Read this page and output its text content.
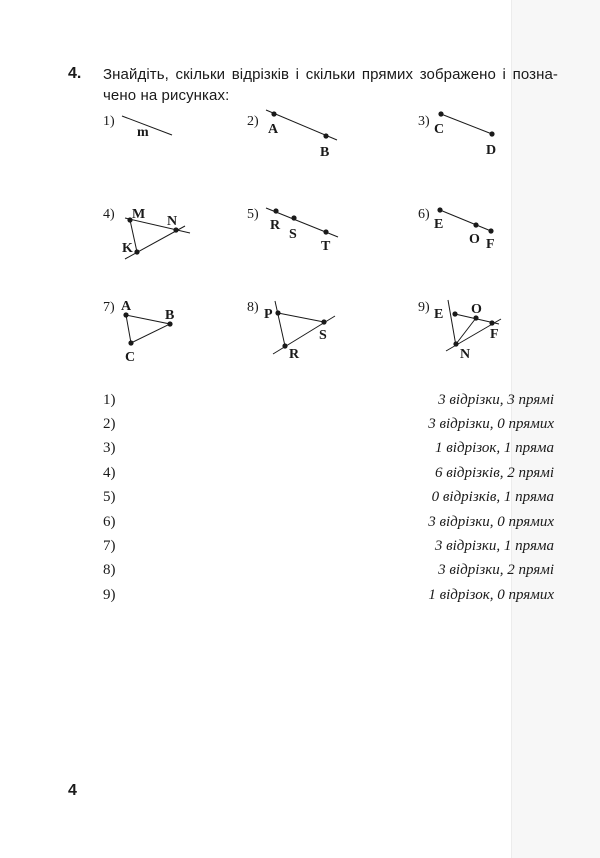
4. Знайдіть, скільки відрізків і скільки прямих зображено і позна-
чено на рисунках:
1)	2)	3)
4)	5)	6)
7)	8)	9)
m	A
B
C
D
M N
K
R
S
T
E
O F
A
B
C
P
S
R
E O
F
N
1)	3 відрізки, 3 прямі
2)	3 відрізки, 0 прямих
3)	1 відрізок, 1 пряма
4)	6 відрізків, 2 прямі
5)	0 відрізків, 1 пряма
6)	3 відрізки, 0 прямих
7)	3 відрізки, 1 пряма
8)	3 відрізки, 2 прямі
9)	1 відрізок, 0 прямих
4
